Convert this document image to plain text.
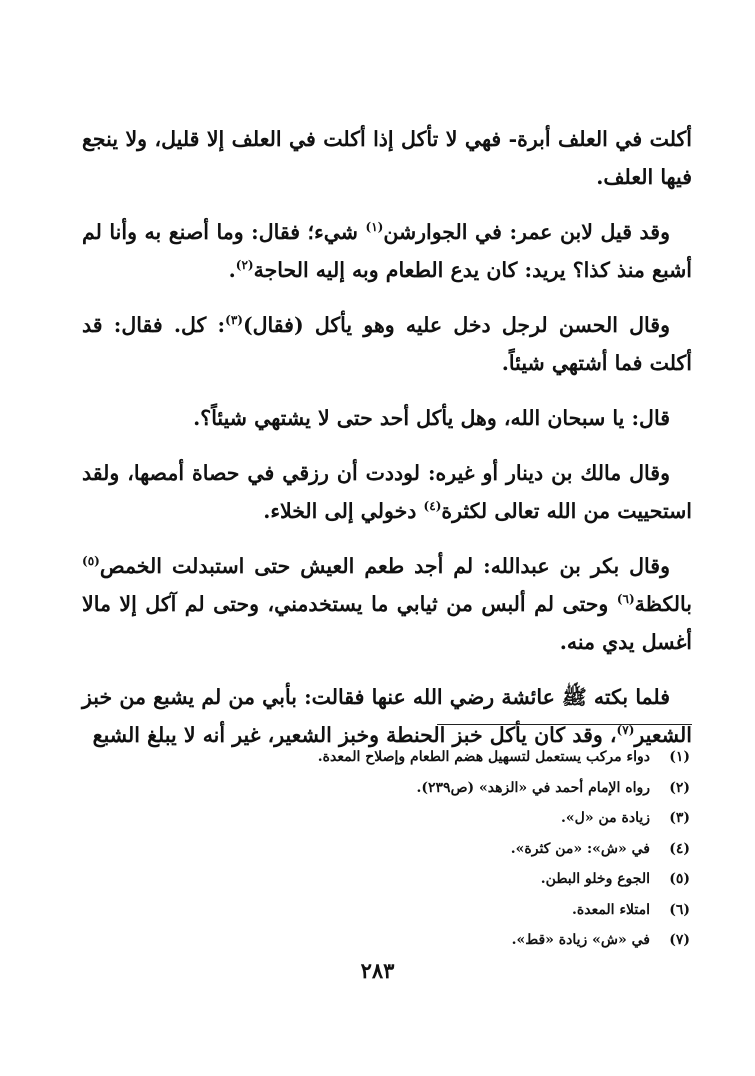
أكلت في العلف أبرة- فهي لا تأكل إذا أكلت في العلف إلا قليل، ولا ينجع فيها العلف.

وقد قيل لابن عمر: في الجوارشن$^{(١)}$ شيء؛ فقال: وما أصنع به وأنا لم أشبع منذ كذا؟ يريد: كان يدع الطعام وبه إليه الحاجة$^{(٢)}$.

وقال الحسن لرجل دخل عليه وهو يأكل (فقال)$^{(٣)}$: كل. فقال: قد أكلت فما أشتهي شيئاً.

قال: يا سبحان الله، وهل يأكل أحد حتى لا يشتهي شيئاً؟.

وقال مالك بن دينار أو غيره: لوددت أن رزقي في حصاة أمصها، ولقد استحييت من الله تعالى لكثرة$^{(٤)}$ دخولي إلى الخلاء.

وقال بكر بن عبدالله: لم أجد طعم العيش حتى استبدلت الخمص$^{(٥)}$ بالكظة$^{(٦)}$ وحتى لم ألبس من ثيابي ما يستخدمني، وحتى لم آكل إلا مالا أغسل يدي منه.

فلما بكته ﷺ عائشة رضي الله عنها فقالت: بأبي من لم يشبع من خبز الشعير$^{(٧)}$، وقد كان يأكل خبز الحنطة وخبز الشعير، غير أنه لا يبلغ الشبع

(١)دواء مركب يستعمل لتسهيل هضم الطعام وإصلاح المعدة.
(٢)رواه الإمام أحمد في «الزهد» (ص٢٣٩).
(٣)زيادة من «ل».
(٤)في «ش»: «من كثرة».
(٥)الجوع وخلو البطن.
(٦)امتلاء المعدة.
(٧)في «ش» زيادة «قط».
٢٨٣
